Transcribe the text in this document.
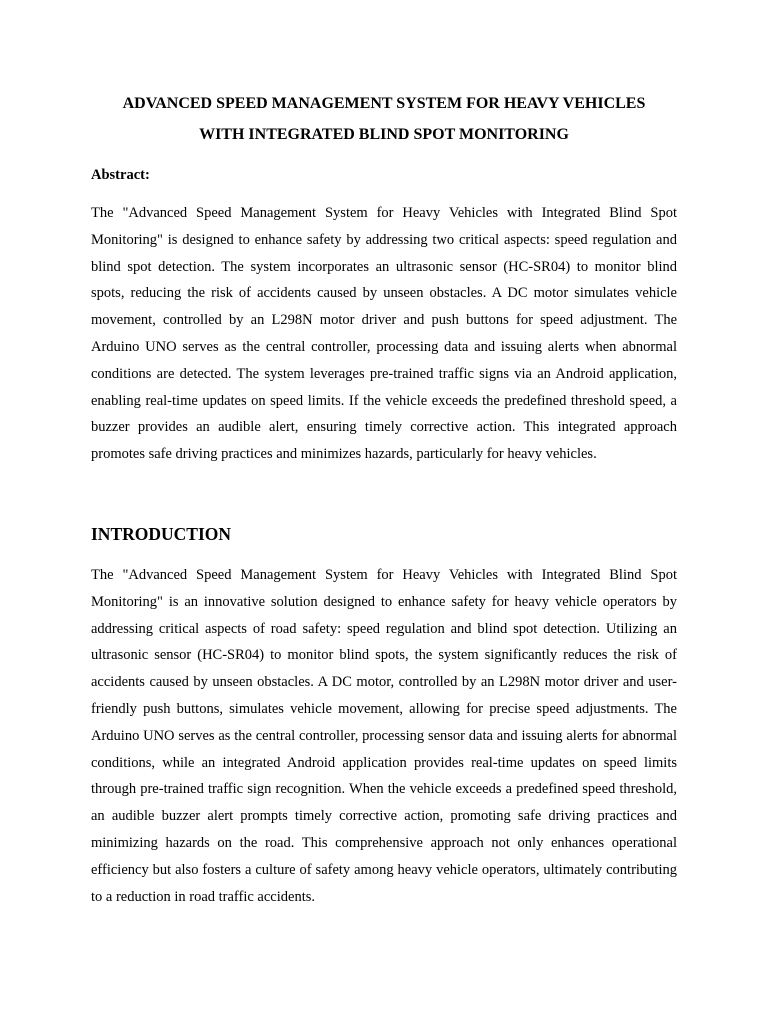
ADVANCED SPEED MANAGEMENT SYSTEM FOR HEAVY VEHICLES
WITH INTEGRATED BLIND SPOT MONITORING
Abstract:

The "Advanced Speed Management System for Heavy Vehicles with Integrated Blind Spot Monitoring" is designed to enhance safety by addressing two critical aspects: speed regulation and blind spot detection. The system incorporates an ultrasonic sensor (HC-SR04) to monitor blind spots, reducing the risk of accidents caused by unseen obstacles. A DC motor simulates vehicle movement, controlled by an L298N motor driver and push buttons for speed adjustment. The Arduino UNO serves as the central controller, processing data and issuing alerts when abnormal conditions are detected. The system leverages pre-trained traffic signs via an Android application, enabling real-time updates on speed limits. If the vehicle exceeds the predefined threshold speed, a buzzer provides an audible alert, ensuring timely corrective action. This integrated approach promotes safe driving practices and minimizes hazards, particularly for heavy vehicles.

INTRODUCTION

The "Advanced Speed Management System for Heavy Vehicles with Integrated Blind Spot Monitoring" is an innovative solution designed to enhance safety for heavy vehicle operators by addressing critical aspects of road safety: speed regulation and blind spot detection. Utilizing an ultrasonic sensor (HC-SR04) to monitor blind spots, the system significantly reduces the risk of accidents caused by unseen obstacles. A DC motor, controlled by an L298N motor driver and user-friendly push buttons, simulates vehicle movement, allowing for precise speed adjustments. The Arduino UNO serves as the central controller, processing sensor data and issuing alerts for abnormal conditions, while an integrated Android application provides real-time updates on speed limits through pre-trained traffic sign recognition. When the vehicle exceeds a predefined speed threshold, an audible buzzer alert prompts timely corrective action, promoting safe driving practices and minimizing hazards on the road. This comprehensive approach not only enhances operational efficiency but also fosters a culture of safety among heavy vehicle operators, ultimately contributing to a reduction in road traffic accidents.
